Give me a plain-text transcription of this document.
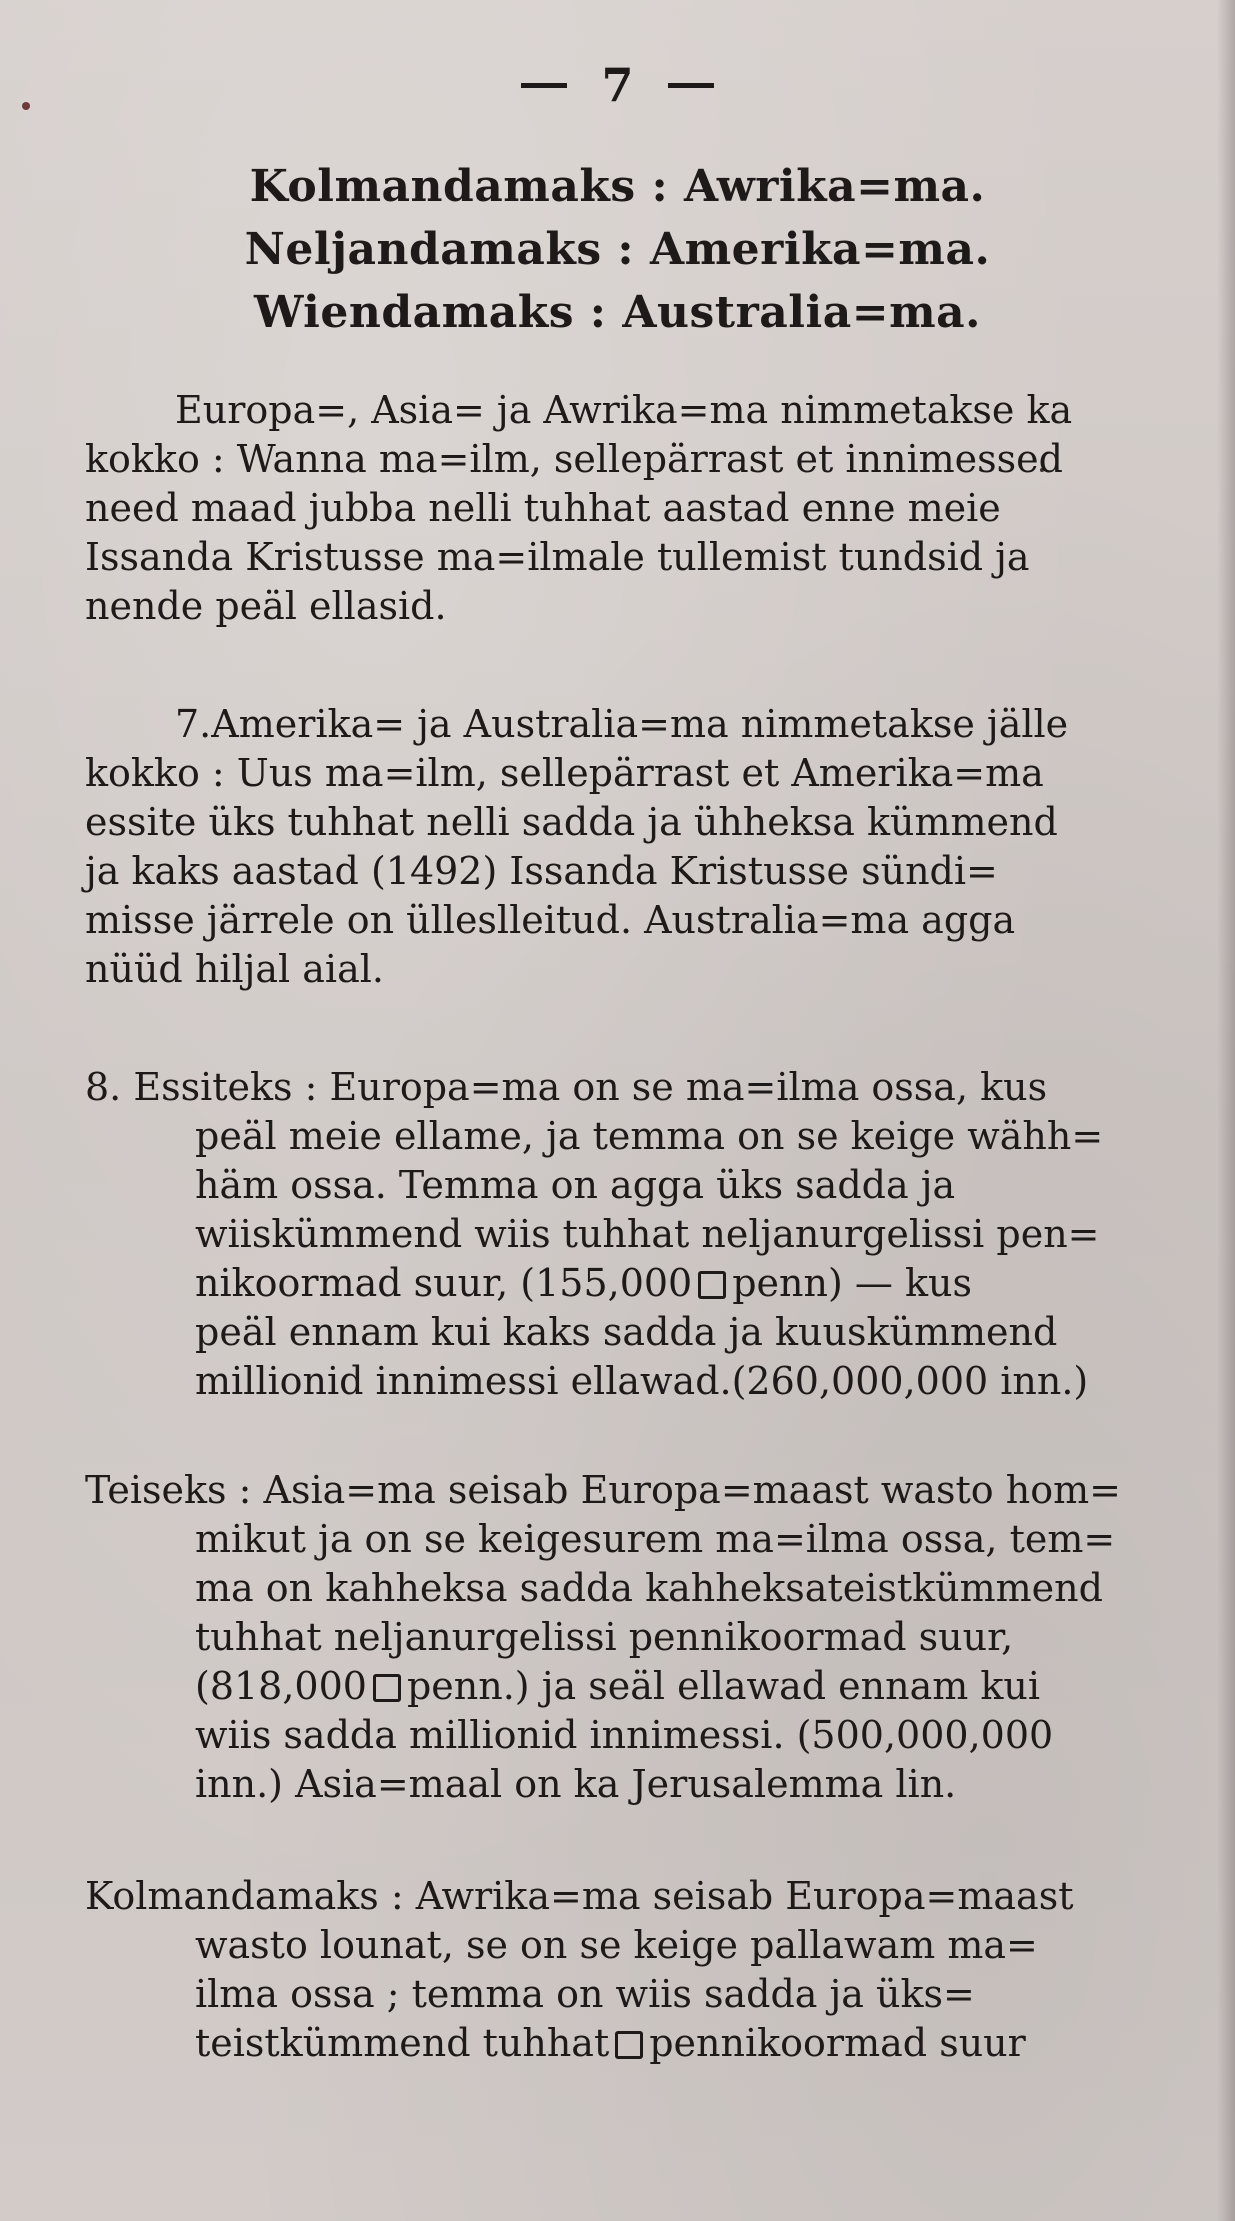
7
Kolmandamaks : Awrika=ma.
Neljandamaks : Amerika=ma.
Wiendamaks : Australia=ma.
Europa=, Asia= ja Awrika=ma nimmetakse ka
kokko : Wanna ma=ilm, sellepärrast et innimessed
need maad jubba nelli tuhhat aastad enne meie
Issanda Kristusse ma=ilmale tullemist tundsid ja
nende peäl ellasid.
7.Amerika= ja Australia=ma nimmetakse jälle
kokko : Uus ma=ilm, sellepärrast et Amerika=ma
essite üks tuhhat nelli sadda ja ühheksa kümmend
ja kaks aastad (1492) Issanda Kristusse sündi=
misse järrele on ülleslleitud. Australia=ma agga
nüüd hiljal aial.
8. Essiteks : Europa=ma on se ma=ilma ossa, kus
peäl meie ellame, ja temma on se keige wähh=
häm ossa. Temma on agga üks sadda ja
wiiskümmend wiis tuhhat neljanurgelissi pen=
nikoormad suur, (155,000 penn) — kus
peäl ennam kui kaks sadda ja kuuskümmend
millionid innimessi ellawad.(260,000,000 inn.)
Teiseks : Asia=ma seisab Europa=maast wasto hom=
mikut ja on se keigesurem ma=ilma ossa, tem=
ma on kahheksa sadda kahheksateistkümmend
tuhhat neljanurgelissi pennikoormad suur,
(818,000 penn.) ja seäl ellawad ennam kui
wiis sadda millionid innimessi. (500,000,000
inn.) Asia=maal on ka Jerusalemma lin.
Kolmandamaks : Awrika=ma seisab Europa=maast
wasto lounat, se on se keige pallawam ma=
ilma ossa ; temma on wiis sadda ja üks=
teistkümmend tuhhat pennikoormad suur
